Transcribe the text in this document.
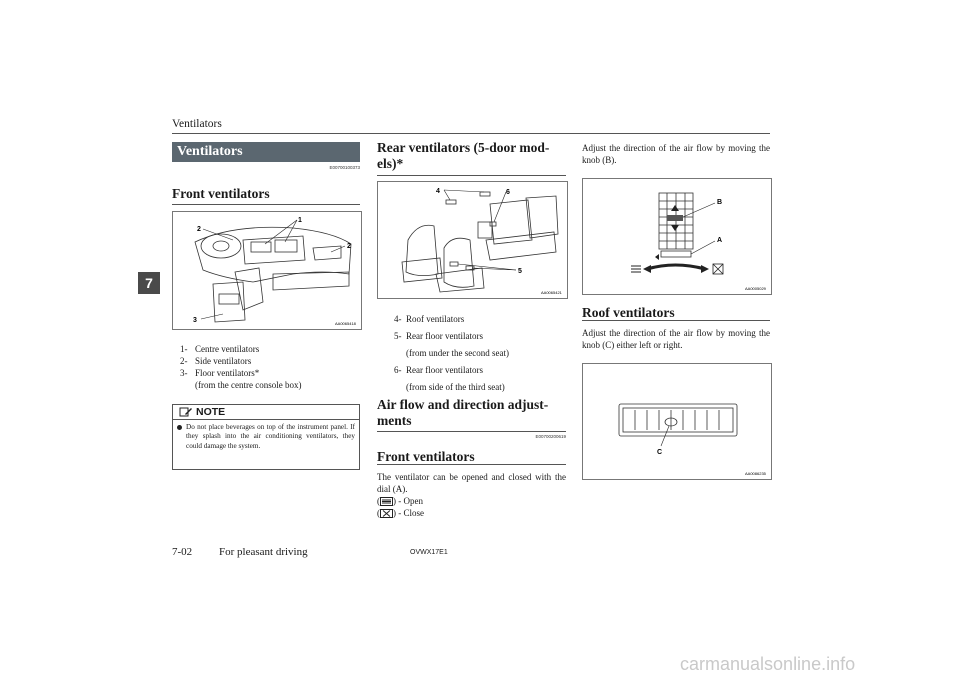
Ventilators
7
Ventilators
E00700100373
Front ventilators
1
2
2
3	AA0065418
1- Centre ventilators
2- Side ventilators
3- Floor ventilators*
(from the centre console box)
NOTE
Do not place beverages on top of the instrument panel. If they splash into the air conditioning ventilators, they could damage the system.
Rear ventilators (5-door mod-
els)*
4	6
5
AA0065421
4- Roof ventilators
5- Rear floor ventilators
(from under the second seat)
6- Rear floor ventilators
(from side of the third seat)
Air flow and direction adjust-
ments
E00700200619
Front ventilators
The ventilator can be opened and closed with the dial (A).
( ) - Open
( ) - Close
Adjust the direction of the air flow by moving the knob (B).
B
A
AA0005029
Roof ventilators
Adjust the direction of the air flow by moving the knob (C) either left or right.
C
AA0086235
7-02 For pleasant driving	OVWX17E1
carmanualsonline.info
